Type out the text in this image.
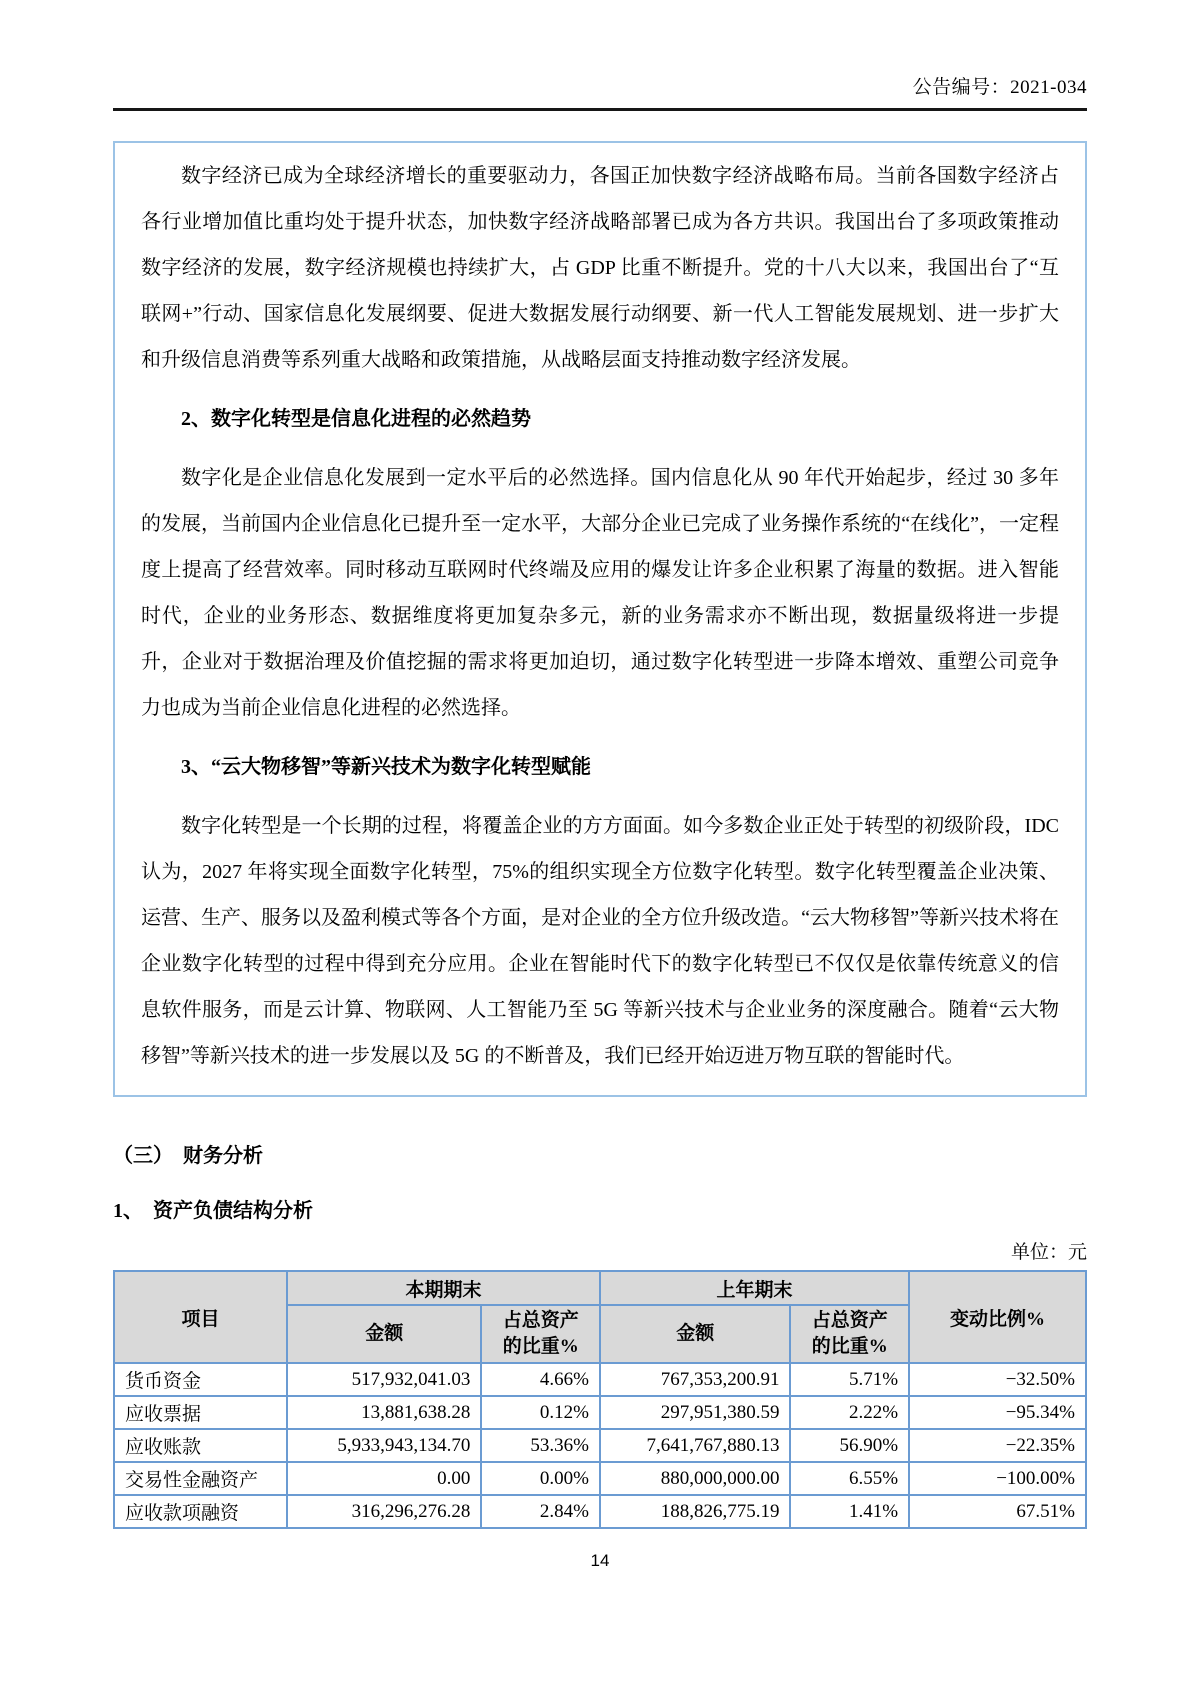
公告编号：2021-034

数字经济已成为全球经济增长的重要驱动力，各国正加快数字经济战略布局。当前各国数字经济占各行业增加值比重均处于提升状态，加快数字经济战略部署已成为各方共识。我国出台了多项政策推动数字经济的发展，数字经济规模也持续扩大，占 GDP 比重不断提升。党的十八大以来，我国出台了“互联网+”行动、国家信息化发展纲要、促进大数据发展行动纲要、新一代人工智能发展规划、进一步扩大和升级信息消费等系列重大战略和政策措施，从战略层面支持推动数字经济发展。

2、数字化转型是信息化进程的必然趋势

数字化是企业信息化发展到一定水平后的必然选择。国内信息化从 90 年代开始起步，经过 30 多年的发展，当前国内企业信息化已提升至一定水平，大部分企业已完成了业务操作系统的“在线化”，一定程度上提高了经营效率。同时移动互联网时代终端及应用的爆发让许多企业积累了海量的数据。进入智能时代，企业的业务形态、数据维度将更加复杂多元，新的业务需求亦不断出现，数据量级将进一步提升，企业对于数据治理及价值挖掘的需求将更加迫切，通过数字化转型进一步降本增效、重塑公司竞争力也成为当前企业信息化进程的必然选择。

3、“云大物移智”等新兴技术为数字化转型赋能

数字化转型是一个长期的过程，将覆盖企业的方方面面。如今多数企业正处于转型的初级阶段，IDC 认为，2027 年将实现全面数字化转型，75%的组织实现全方位数字化转型。数字化转型覆盖企业决策、运营、生产、服务以及盈利模式等各个方面，是对企业的全方位升级改造。“云大物移智”等新兴技术将在企业数字化转型的过程中得到充分应用。企业在智能时代下的数字化转型已不仅仅是依靠传统意义的信息软件服务，而是云计算、物联网、人工智能乃至 5G 等新兴技术与企业业务的深度融合。随着“云大物移智”等新兴技术的进一步发展以及 5G 的不断普及，我们已经开始迈进万物互联的智能时代。

（三）　财务分析
1、　资产负债结构分析
单位：元
项目	本期期末		上年期末		变动比例%
	金额	占总资产 的比重%	金额	占总资产 的比重%	
货币资金	517,932,041.03	4.66%	767,353,200.91	5.71%	−32.50%
应收票据	13,881,638.28	0.12%	297,951,380.59	2.22%	−95.34%
应收账款	5,933,943,134.70	53.36%	7,641,767,880.13	56.90%	−22.35%
交易性金融资产	0.00	0.00%	880,000,000.00	6.55%	−100.00%
应收款项融资	316,296,276.28	2.84%	188,826,775.19	1.41%	67.51%
14
